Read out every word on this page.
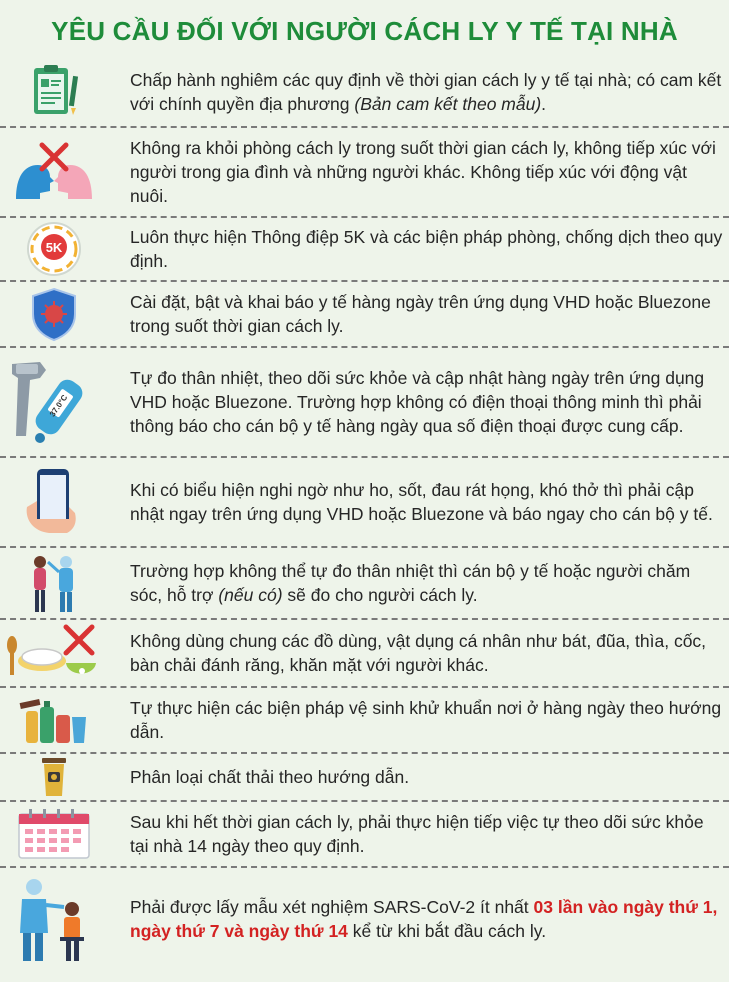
YÊU CẦU ĐỐI VỚI NGƯỜI CÁCH LY Y TẾ TẠI NHÀ

Chấp hành nghiêm các quy định về thời gian cách ly y tế tại nhà; có cam kết với chính quyền địa phương (Bản cam kết theo mẫu).

Không ra khỏi phòng cách ly trong suốt thời gian cách ly, không tiếp xúc với người trong gia đình và những người khác. Không tiếp xúc với động vật nuôi.

5K

Luôn thực hiện Thông điệp 5K và các biện pháp phòng, chống dịch theo quy định.

Cài đặt, bật và khai báo y tế hàng ngày trên ứng dụng VHD hoặc Bluezone trong suốt thời gian cách ly.

37.0°C

Tự đo thân nhiệt, theo dõi sức khỏe và cập nhật hàng ngày trên ứng dụng VHD hoặc Bluezone. Trường hợp không có điện thoại thông minh thì phải thông báo cho cán bộ y tế hàng ngày qua số điện thoại được cung cấp.

Khi có biểu hiện nghi ngờ như ho, sốt, đau rát họng, khó thở thì phải cập nhật ngay trên ứng dụng VHD hoặc Bluezone và báo ngay cho cán bộ y tế.

Trường hợp không thể tự đo thân nhiệt thì cán bộ y tế hoặc người chăm sóc, hỗ trợ (nếu có) sẽ đo cho người cách ly.

Không dùng chung các đồ dùng, vật dụng cá nhân như bát, đũa, thìa, cốc, bàn chải đánh răng, khăn mặt với người khác.

Tự thực hiện các biện pháp vệ sinh khử khuẩn nơi ở hàng ngày theo hướng dẫn.

Phân loại chất thải theo hướng dẫn.

Sau khi hết thời gian cách ly, phải thực hiện tiếp việc tự theo dõi sức khỏe tại nhà 14 ngày theo quy định.

Phải được lấy mẫu xét nghiệm SARS-CoV-2 ít nhất 03 lần vào ngày thứ 1, ngày thứ 7 và ngày thứ 14 kể từ khi bắt đầu cách ly.
